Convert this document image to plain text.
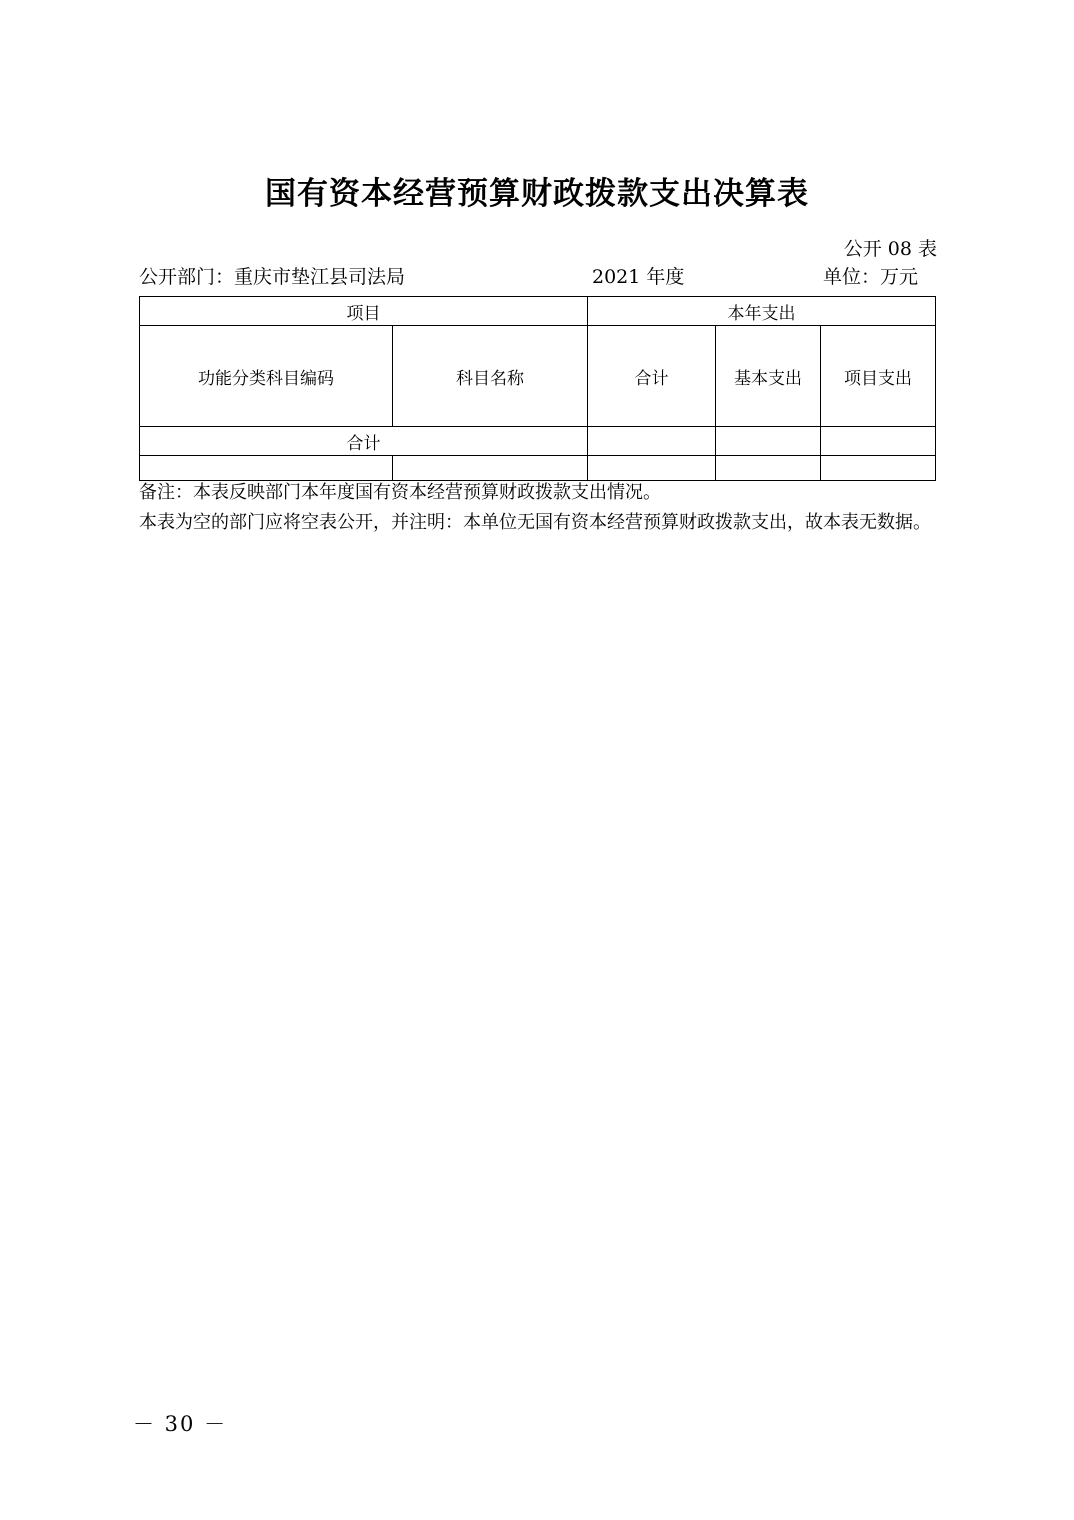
国有资本经营预算财政拨款支出决算表
公开 08 表
公开部门：重庆市垫江县司法局	2021 年度	单位：万元
项目		本年支出		
功能分类科目编码	科目名称	合计	基本支出	项目支出
合计				

备注：本表反映部门本年度国有资本经营预算财政拨款支出情况。
本表为空的部门应将空表公开，并注明：本单位无国有资本经营预算财政拨款支出，故本表无数据。
－ 30 －
